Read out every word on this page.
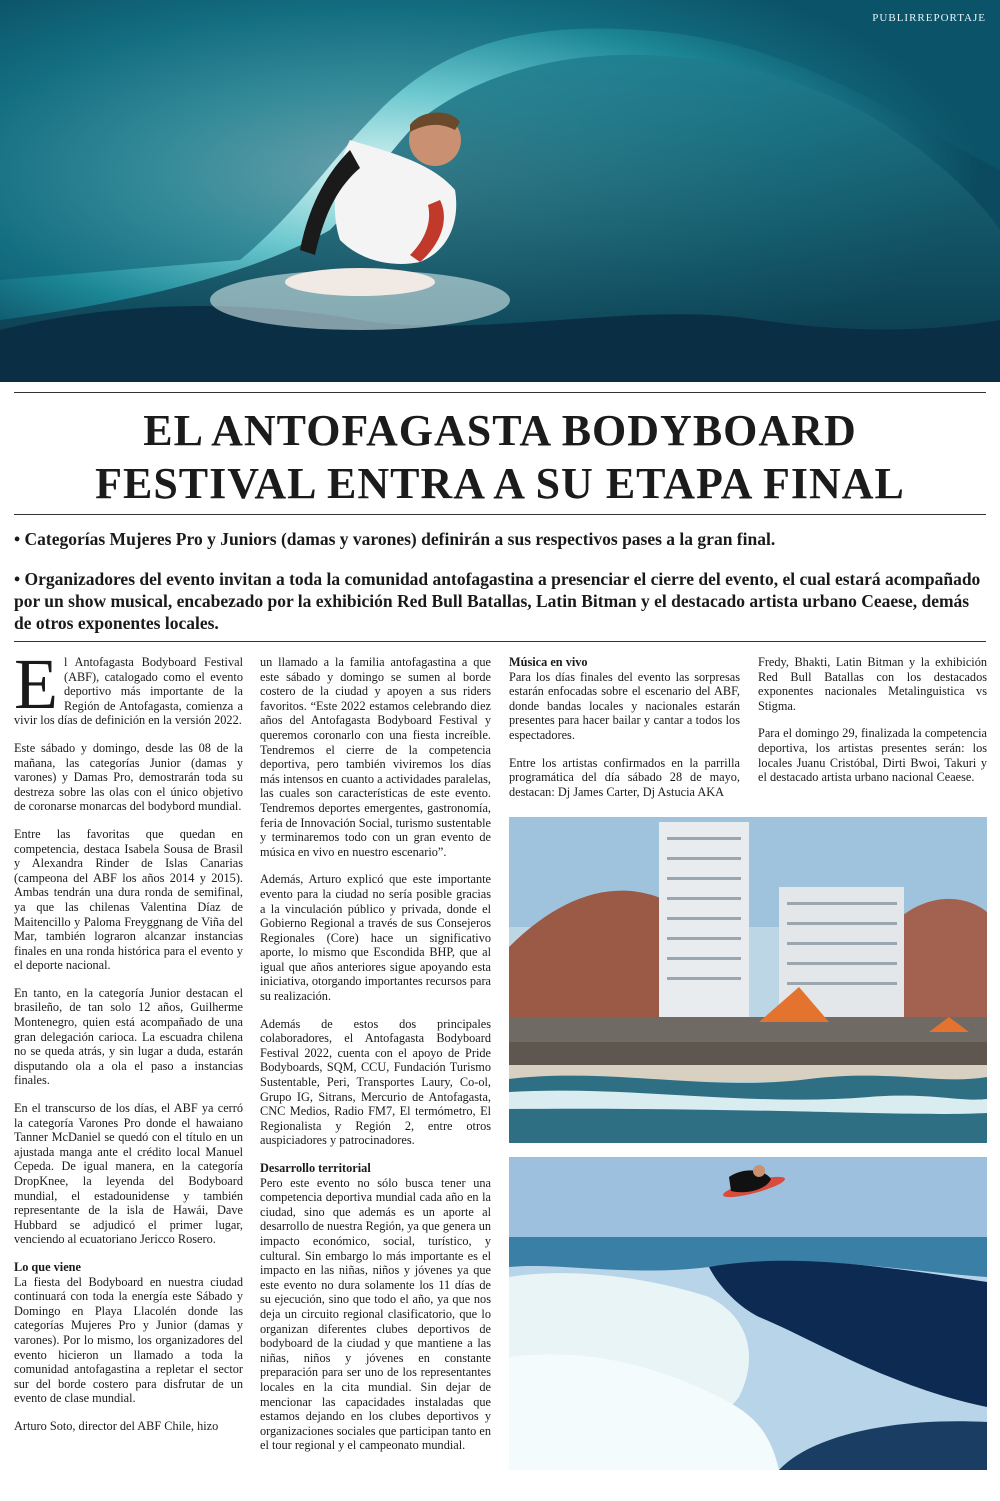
PUBLIRREPORTAJE
EL ANTOFAGASTA BODYBOARD
FESTIVAL ENTRA A SU ETAPA FINAL
• Categorías Mujeres Pro y Juniors (damas y varones) definirán a sus respectivos pases a la gran final.
• Organizadores del evento invitan a toda la comunidad antofagastina a presenciar el cierre del evento, el cual estará acompañado por un show musical, encabezado por la exhibición Red Bull Batallas, Latin Bitman y el destacado artista urbano Ceaese, demás de otros exponentes locales.

El Antofagasta Bodyboard Festival (ABF), catalogado como el evento deportivo más importante de la Región de Antofagasta, comienza a vivir los días de definición en la versión 2022.

Este sábado y domingo, desde las 08 de la mañana, las categorías Junior (damas y varones) y Damas Pro, demostrarán toda su destreza sobre las olas con el único objetivo de coronarse monarcas del bodybord mundial.

Entre las favoritas que quedan en competencia, destaca Isabela Sousa de Brasil y Alexandra Rinder de Islas Canarias (campeona del ABF los años 2014 y 2015). Ambas tendrán una dura ronda de semifinal, ya que las chilenas Valentina Díaz de Maitencillo y Paloma Freyggnang de Viña del Mar, también lograron alcanzar instancias finales en una ronda histórica para el evento y el deporte nacional.

En tanto, en la categoría Junior destacan el brasileño, de tan solo 12 años, Guilherme Montenegro, quien está acompañado de una gran delegación carioca. La escuadra chilena no se queda atrás, y sin lugar a duda, estarán disputando ola a ola el paso a instancias finales.

En el transcurso de los días, el ABF ya cerró la categoría Varones Pro donde el hawaiano Tanner McDaniel se quedó con el título en un ajustada manga ante el crédito local Manuel Cepeda. De igual manera, en la categoría DropKnee, la leyenda del Bodyboard mundial, el estadounidense y también representante de la isla de Hawái, Dave Hubbard se adjudicó el primer lugar, venciendo al ecuatoriano Jericco Rosero.

Lo que viene

La fiesta del Bodyboard en nuestra ciudad continuará con toda la energía este Sábado y Domingo en Playa Llacolén donde las categorías Mujeres Pro y Junior (damas y varones). Por lo mismo, los organizadores del evento hicieron un llamado a toda la comunidad antofagastina a repletar el sector sur del borde costero para disfrutar de un evento de clase mundial.

Arturo Soto, director del ABF Chile, hizo

un llamado a la familia antofagastina a que este sábado y domingo se sumen al borde costero de la ciudad y apoyen a sus riders favoritos. “Este 2022 estamos celebrando diez años del Antofagasta Bodyboard Festival y queremos coronarlo con una fiesta increíble. Tendremos el cierre de la competencia deportiva, pero también viviremos los días más intensos en cuanto a actividades paralelas, las cuales son características de este evento. Tendremos deportes emergentes, gastronomía, feria de Innovación Social, turismo sustentable y terminaremos todo con un gran evento de música en vivo en nuestro escenario”.

Además, Arturo explicó que este importante evento para la ciudad no sería posible gracias a la vinculación público y privada, donde el Gobierno Regional a través de sus Consejeros Regionales (Core) hace un significativo aporte, lo mismo que Escondida BHP, que al igual que años anteriores sigue apoyando esta iniciativa, otorgando importantes recursos para su realización.

Además de estos dos principales colaboradores, el Antofagasta Bodyboard Festival 2022, cuenta con el apoyo de Pride Bodyboards, SQM, CCU, Fundación Turismo Sustentable, Peri, Transportes Laury, Co-ol, Grupo IG, Sitrans, Mercurio de Antofagasta, CNC Medios, Radio FM7, El termómetro, El Regionalista y Región 2, entre otros auspiciadores y patrocinadores.

Desarrollo territorial

Pero este evento no sólo busca tener una competencia deportiva mundial cada año en la ciudad, sino que además es un aporte al desarrollo de nuestra Región, ya que genera un impacto económico, social, turístico, y cultural. Sin embargo lo más importante es el impacto en las niñas, niños y jóvenes ya que este evento no dura solamente los 11 días de su ejecución, sino que todo el año, ya que nos deja un circuito regional clasificatorio, que lo organizan diferentes clubes deportivos de bodyboard de la ciudad y que mantiene a las niñas, niños y jóvenes en constante preparación para ser uno de los representantes locales en la cita mundial. Sin dejar de mencionar las capacidades instaladas que estamos dejando en los clubes deportivos y organizaciones sociales que participan tanto en el tour regional y el campeonato mundial.

Música en vivo

Para los días finales del evento las sorpresas estarán enfocadas sobre el escenario del ABF, donde bandas locales y nacionales estarán presentes para hacer bailar y cantar a todos los espectadores.

Entre los artistas confirmados en la parrilla programática del día sábado 28 de mayo, destacan: Dj James Carter, Dj Astucia AKA

Fredy, Bhakti, Latin Bitman y la exhibición Red Bull Batallas con los destacados exponentes nacionales Metalinguistica vs Stigma.

Para el domingo 29, finalizada la competencia deportiva, los artistas presentes serán: los locales Juanu Cristóbal, Dirti Bwoi, Takuri y el destacado artista urbano nacional Ceaese.
